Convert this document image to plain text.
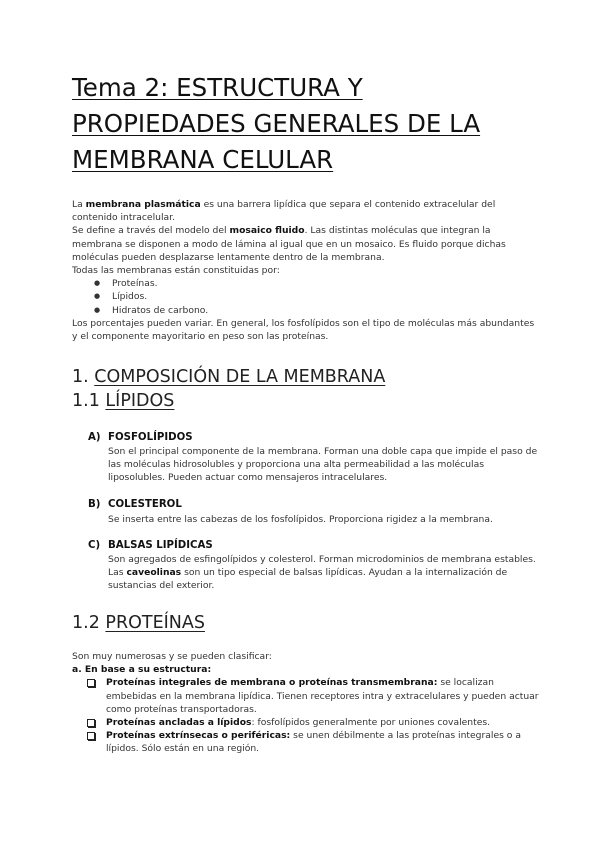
Tema 2: ESTRUCTURA Y
PROPIEDADES GENERALES DE LA
MEMBRANA CELULAR

La membrana plasmática es una barrera lipídica que separa el contenido extracelular del contenido intracelular.

Se define a través del modelo del mosaico fluido. Las distintas moléculas que integran la membrana se disponen a modo de lámina al igual que en un mosaico. Es fluido porque dichas moléculas pueden desplazarse lentamente dentro de la membrana.

Todas las membranas están constituidas por:

● Proteínas.
● Lípidos.
● Hidratos de carbono.

Los porcentajes pueden variar. En general, los fosfolípidos son el tipo de moléculas más abundantes y el componente mayoritario en peso son las proteínas.

1. COMPOSICIÓN DE LA MEMBRANA
1.1 LÍPIDOS
A) FOSFOLÍPIDOS
Son el principal componente de la membrana. Forman una doble capa que impide el paso de las moléculas hidrosolubles y proporciona una alta permeabilidad a las moléculas liposolubles. Pueden actuar como mensajeros intracelulares.
B) COLESTEROL
Se inserta entre las cabezas de los fosfolípidos. Proporciona rigidez a la membrana.
C) BALSAS LIPÍDICAS
Son agregados de esfingolípidos y colesterol. Forman microdominios de membrana estables. Las caveolinas son un tipo especial de balsas lipídicas. Ayudan a la internalización de sustancias del exterior.
1.2 PROTEÍNAS

Son muy numerosas y se pueden clasificar:

a. En base a su estructura:

Proteínas integrales de membrana o proteínas transmembrana: se localizan embebidas en la membrana lipídica. Tienen receptores intra y extracelulares y pueden actuar como proteínas transportadoras.
Proteínas ancladas a lípidos: fosfolípidos generalmente por uniones covalentes.
Proteínas extrínsecas o periféricas: se unen débilmente a las proteínas integrales o a lípidos. Sólo están en una región.
